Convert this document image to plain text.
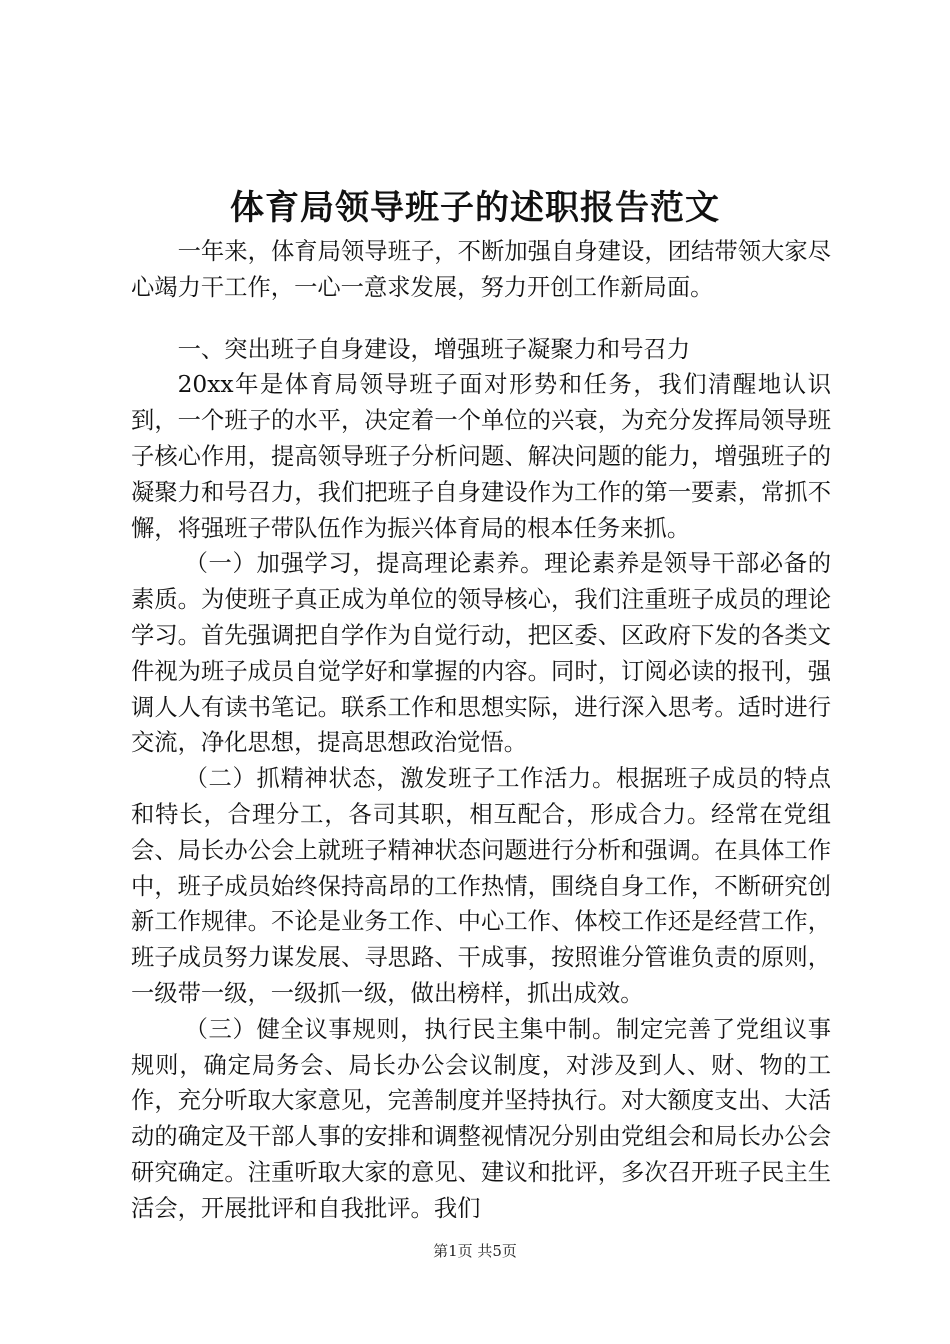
体育局领导班子的述职报告范文

一年来，体育局领导班子，不断加强自身建设，团结带领大家尽心竭力干工作，一心一意求发展，努力开创工作新局面。

一、突出班子自身建设，增强班子凝聚力和号召力

20xx年是体育局领导班子面对形势和任务，我们清醒地认识到，一个班子的水平，决定着一个单位的兴衰，为充分发挥局领导班子核心作用，提高领导班子分析问题、解决问题的能力，增强班子的凝聚力和号召力，我们把班子自身建设作为工作的第一要素，常抓不懈，将强班子带队伍作为振兴体育局的根本任务来抓。

（一）加强学习，提高理论素养。理论素养是领导干部必备的素质。为使班子真正成为单位的领导核心，我们注重班子成员的理论学习。首先强调把自学作为自觉行动，把区委、区政府下发的各类文件视为班子成员自觉学好和掌握的内容。同时，订阅必读的报刊，强调人人有读书笔记。联系工作和思想实际，进行深入思考。适时进行交流，净化思想，提高思想政治觉悟。

（二）抓精神状态，激发班子工作活力。根据班子成员的特点和特长，合理分工，各司其职，相互配合，形成合力。经常在党组会、局长办公会上就班子精神状态问题进行分析和强调。在具体工作中，班子成员始终保持高昂的工作热情，围绕自身工作，不断研究创新工作规律。不论是业务工作、中心工作、体校工作还是经营工作，班子成员努力谋发展、寻思路、干成事，按照谁分管谁负责的原则，一级带一级，一级抓一级，做出榜样，抓出成效。

（三）健全议事规则，执行民主集中制。制定完善了党组议事规则，确定局务会、局长办公会议制度，对涉及到人、财、物的工作，充分听取大家意见，完善制度并坚持执行。对大额度支出、大活动的确定及干部人事的安排和调整视情况分别由党组会和局长办公会研究确定。注重听取大家的意见、建议和批评，多次召开班子民主生活会，开展批评和自我批评。我们

第1页 共5页
